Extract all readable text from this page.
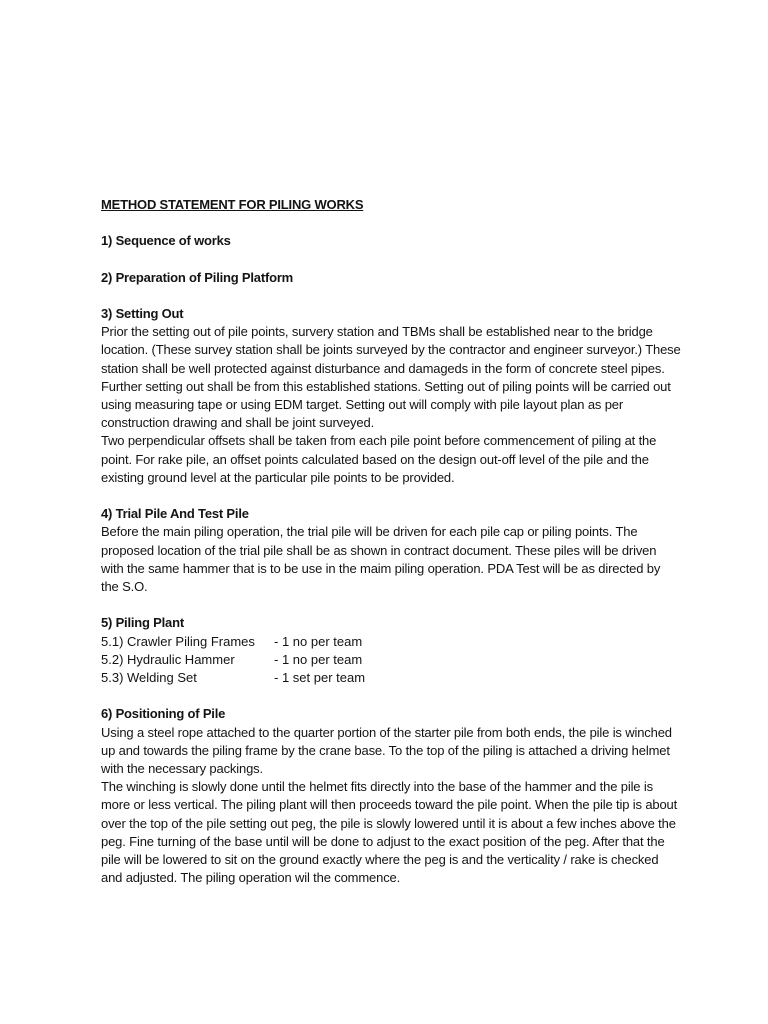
METHOD STATEMENT FOR PILING WORKS

1) Sequence of works

2) Preparation of Piling Platform

3) Setting Out

Prior the setting out of pile points, survery station and TBMs shall be established near to the bridge location. (These survey station shall be joints surveyed by the contractor and engineer surveyor.) These station shall be well protected against disturbance and damageds in the form of concrete steel pipes. Further setting out shall be from this established stations. Setting out of piling points will be carried out using measuring tape or using EDM target. Setting out will comply with pile layout plan as per construction drawing and shall be joint surveyed.

Two perpendicular offsets shall be taken from each pile point before commencement of piling at the point. For rake pile, an offset points calculated based on the design out-off level of the pile and the existing ground level at the particular pile points to be provided.

4) Trial Pile And Test Pile

Before the main piling operation, the trial pile will be driven for each pile cap or piling points. The proposed location of the trial pile shall be as shown in contract document. These piles will be driven with the same hammer that is to be use in the maim piling operation. PDA Test will be as directed by the S.O.

5) Piling Plant

5.1) Crawler Piling Frames	- 1 no per team
5.2) Hydraulic Hammer	- 1 no per team
5.3) Welding Set	- 1 set per team

6) Positioning of Pile

Using a steel rope attached to the quarter portion of the starter pile from both ends, the pile is winched up and towards the piling frame by the crane base. To the top of the piling is attached a driving helmet with the necessary packings.

The winching is slowly done until the helmet fits directly into the base of the hammer and the pile is more or less vertical. The piling plant will then proceeds toward the pile point. When the pile tip is about over the top of the pile setting out peg, the pile is slowly lowered until it is about a few inches above the peg. Fine turning of the base until will be done to adjust to the exact position of the peg. After that the pile will be lowered to sit on the ground exactly where the peg is and the verticality / rake is checked and adjusted. The piling operation wil the commence.
